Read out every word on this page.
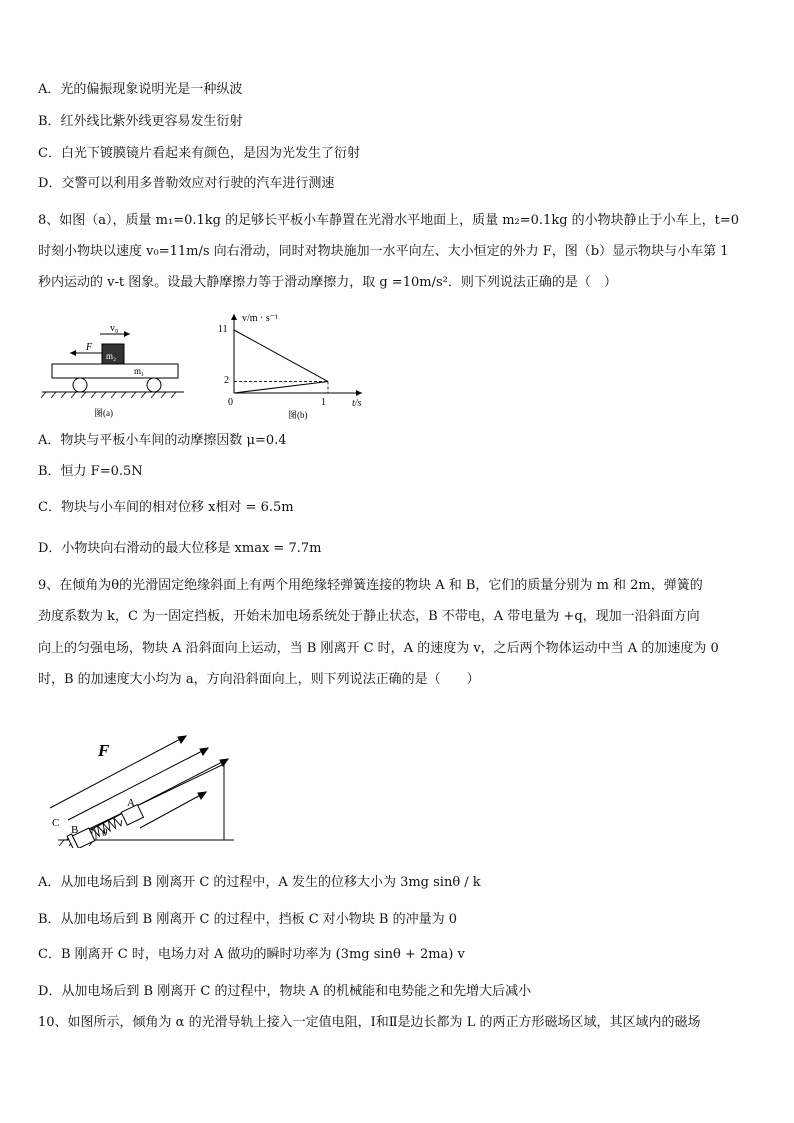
A．光的偏振现象说明光是一种纵波
B．红外线比紫外线更容易发生衍射
C．白光下镀膜镜片看起来有颜色，是因为光发生了衍射
D．交警可以利用多普勒效应对行驶的汽车进行测速
8、如图（a），质量 m₁=0.1kg 的足够长平板小车静置在光滑水平地面上，质量 m₂=0.1kg 的小物块静止于小车上，t=0
时刻小物块以速度 v₀=11m/s 向右滑动，同时对物块施加一水平向左、大小恒定的外力 F，图（b）显示物块与小车第 1
秒内运动的 v-t 图象。设最大静摩擦力等于滑动摩擦力，取 g =10m/s²．则下列说法正确的是（　）
v₀
F
m₂
m₁
图(a)
v/m · s⁻¹
t/s
11
2
0	1
图(b)
A．物块与平板小车间的动摩擦因数 μ=0.4
B．恒力 F=0.5N
C．物块与小车间的相对位移 x相对 = 6.5m
D．小物块向右滑动的最大位移是 xmax = 7.7m
9、在倾角为θ的光滑固定绝缘斜面上有两个用绝缘轻弹簧连接的物块 A 和 B，它们的质量分别为 m 和 2m，弹簧的
劲度系数为 k，C 为一固定挡板，开始未加电场系统处于静止状态，B 不带电，A 带电量为 +q，现加一沿斜面方向
向上的匀强电场，物块 A 沿斜面向上运动，当 B 刚离开 C 时，A 的速度为 v，之后两个物体运动中当 A 的加速度为 0
时，B 的加速度大小均为 a，方向沿斜面向上，则下列说法正确的是（　　）
F
C
B
A
θ
A．从加电场后到 B 刚离开 C 的过程中，A 发生的位移大小为 3mg sinθ / k
B．从加电场后到 B 刚离开 C 的过程中，挡板 C 对小物块 B 的冲量为 0
C．B 刚离开 C 时，电场力对 A 做功的瞬时功率为 (3mg sinθ + 2ma) v
D．从加电场后到 B 刚离开 C 的过程中，物块 A 的机械能和电势能之和先增大后减小
10、如图所示，倾角为 α 的光滑导轨上接入一定值电阻，Ⅰ和Ⅱ是边长都为 L 的两正方形磁场区域，其区域内的磁场
